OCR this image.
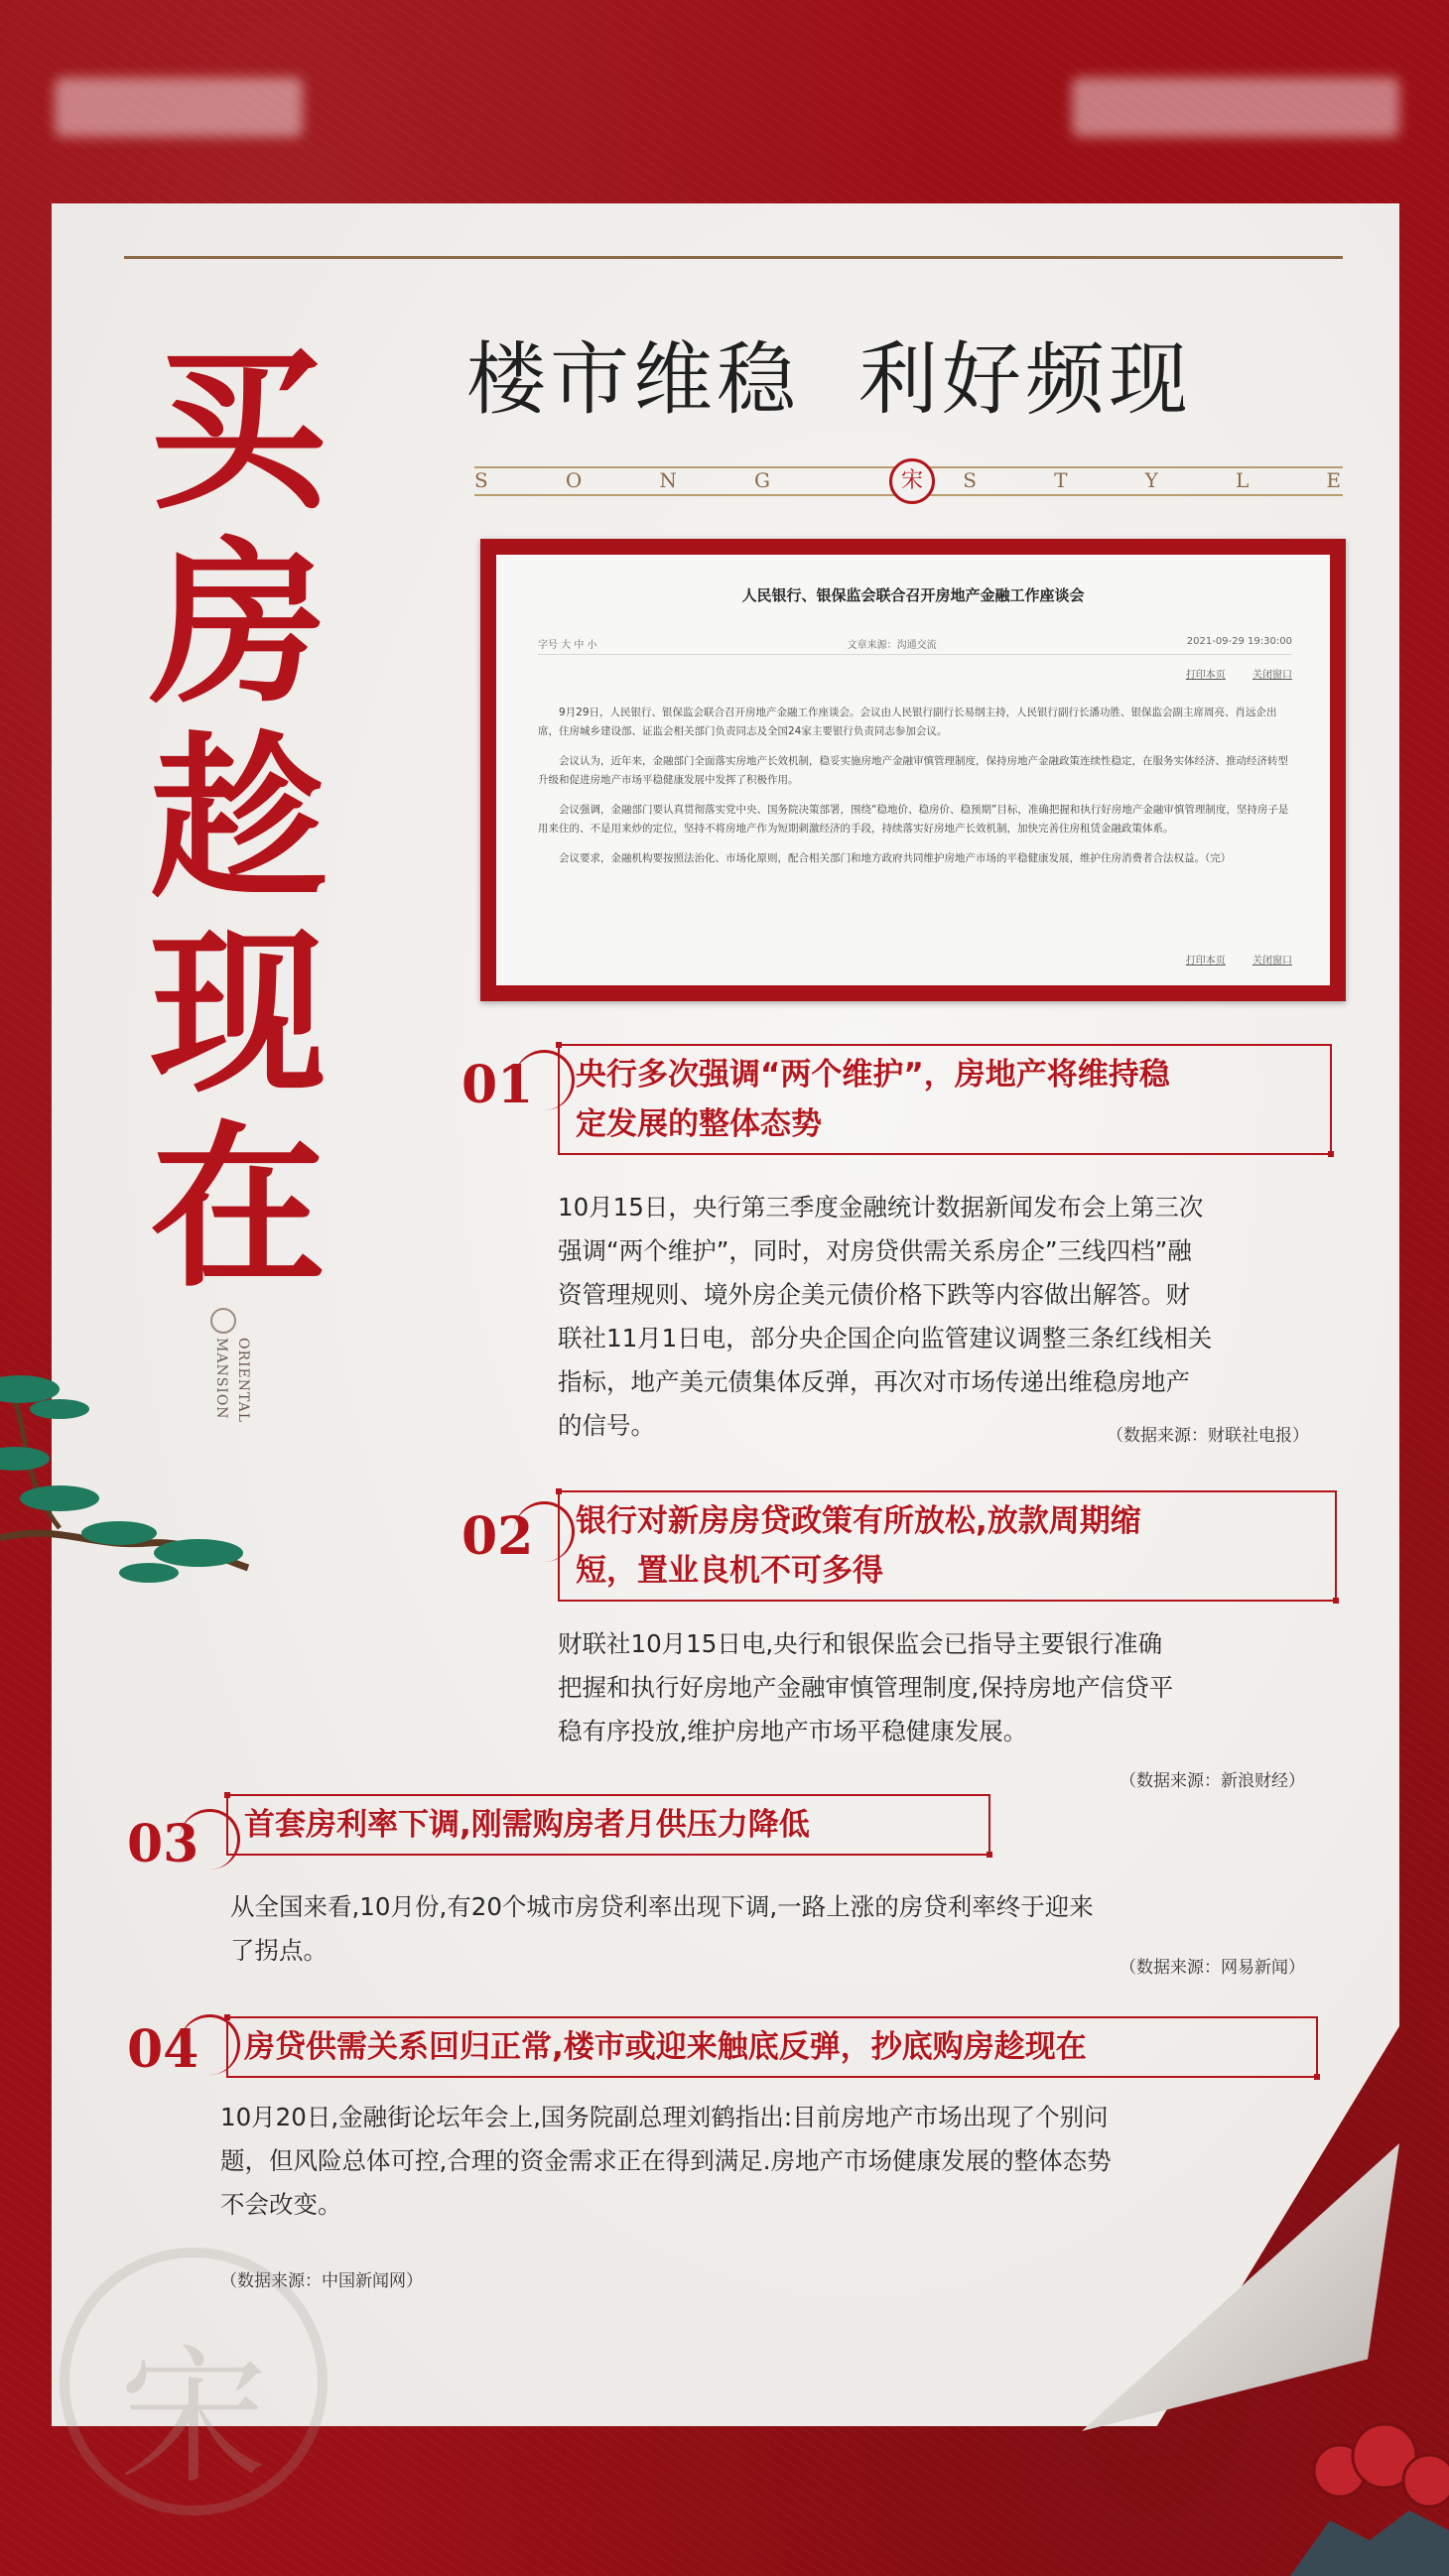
买
房
趁
现
在
ORIENTAL
MANSION
楼市维稳  利好频现
S	O	N	G	S	T	Y	L	E
宋
人民银行、银保监会联合召开房地产金融工作座谈会
字号 大 中 小	文章来源：沟通交流	2021-09-29 19:30:00
打印本页	关闭窗口

9月29日，人民银行、银保监会联合召开房地产金融工作座谈会。会议由人民银行副行长易纲主持，人民银行副行长潘功胜、银保监会副主席周亮、肖远企出席，住房城乡建设部、证监会相关部门负责同志及全国24家主要银行负责同志参加会议。

会议认为，近年来，金融部门全面落实房地产长效机制，稳妥实施房地产金融审慎管理制度，保持房地产金融政策连续性稳定，在服务实体经济、推动经济转型升级和促进房地产市场平稳健康发展中发挥了积极作用。

会议强调，金融部门要认真贯彻落实党中央、国务院决策部署，围绕“稳地价、稳房价、稳预期”目标，准确把握和执行好房地产金融审慎管理制度，坚持房子是用来住的、不是用来炒的定位，坚持不将房地产作为短期刺激经济的手段，持续落实好房地产长效机制，加快完善住房租赁金融政策体系。

会议要求，金融机构要按照法治化、市场化原则，配合相关部门和地方政府共同维护房地产市场的平稳健康发展，维护住房消费者合法权益。（完）

打印本页	关闭窗口
01 央行多次强调“两个维护”，房地产将维持稳
定发展的整体态势
10月15日，央行第三季度金融统计数据新闻发布会上第三次
强调“两个维护”，同时，对房贷供需关系房企”三线四档”融
资管理规则、境外房企美元债价格下跌等内容做出解答。财
联社11月1日电，部分央企国企向监管建议调整三条红线相关
指标，地产美元债集体反弹，再次对市场传递出维稳房地产
的信号。	（数据来源：财联社电报）
02 银行对新房房贷政策有所放松,放款周期缩
短，置业良机不可多得
财联社10月15日电,央行和银保监会已指导主要银行准确
把握和执行好房地产金融审慎管理制度,保持房地产信贷平
稳有序投放,维护房地产市场平稳健康发展。
（数据来源：新浪财经）
03 首套房利率下调,刚需购房者月供压力降低
从全国来看,10月份,有20个城市房贷利率出现下调,一路上涨的房贷利率终于迎来
了拐点。
（数据来源：网易新闻）
04 房贷供需关系回归正常,楼市或迎来触底反弹，抄底购房趁现在
10月20日,金融街论坛年会上,国务院副总理刘鹤指出:目前房地产市场出现了个别问
题，但风险总体可控,合理的资金需求正在得到满足.房地产市场健康发展的整体态势
不会改变。
（数据来源：中国新闻网）
宋
